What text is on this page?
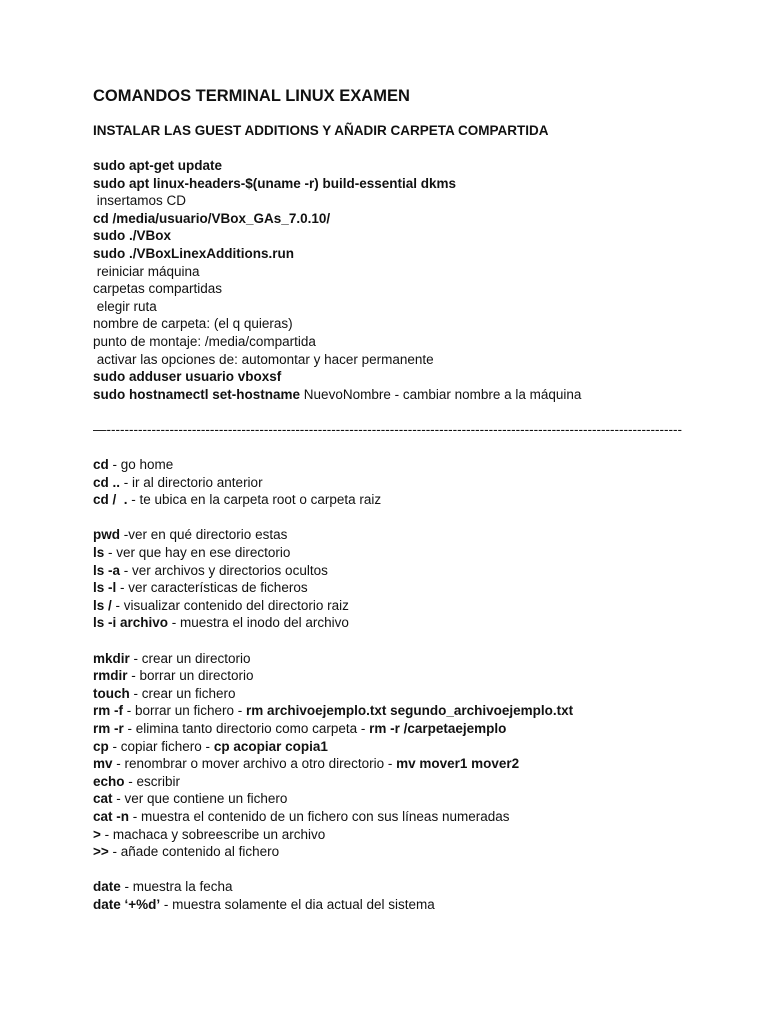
COMANDOS TERMINAL LINUX EXAMEN
INSTALAR LAS GUEST ADDITIONS Y AÑADIR CARPETA COMPARTIDA
sudo apt-get update
sudo apt linux-headers-$(uname -r) build-essential dkms
insertamos CD
cd /media/usuario/VBox_GAs_7.0.10/
sudo ./VBox
sudo ./VBoxLinexAdditions.run
reiniciar máquina
carpetas compartidas
elegir ruta
nombre de carpeta: (el q quieras)
punto de montaje: /media/compartida
activar las opciones de: automontar y hacer permanente
sudo adduser usuario vboxsf
sudo hostnamectl set-hostname NuevoNombre - cambiar nombre a la máquina
—--------------------------------------------------------------------------------------------------------------------------------
cd - go home
cd .. - ir al directorio anterior
cd /  . - te ubica en la carpeta root o carpeta raiz
pwd -ver en qué directorio estas
ls - ver que hay en ese directorio
ls -a - ver archivos y directorios ocultos
ls -l - ver características de ficheros
ls / - visualizar contenido del directorio raiz
ls -i archivo - muestra el inodo del archivo
mkdir - crear un directorio
rmdir - borrar un directorio
touch - crear un fichero
rm -f - borrar un fichero - rm archivoejemplo.txt segundo_archivoejemplo.txt
rm -r - elimina tanto directorio como carpeta - rm -r /carpetaejemplo
cp - copiar fichero - cp acopiar copia1
mv - renombrar o mover archivo a otro directorio - mv mover1 mover2
echo - escribir
cat - ver que contiene un fichero
cat -n - muestra el contenido de un fichero con sus líneas numeradas
> - machaca y sobreescribe un archivo
>> - añade contenido al fichero
date - muestra la fecha
date ‘+%d’ - muestra solamente el dia actual del sistema
